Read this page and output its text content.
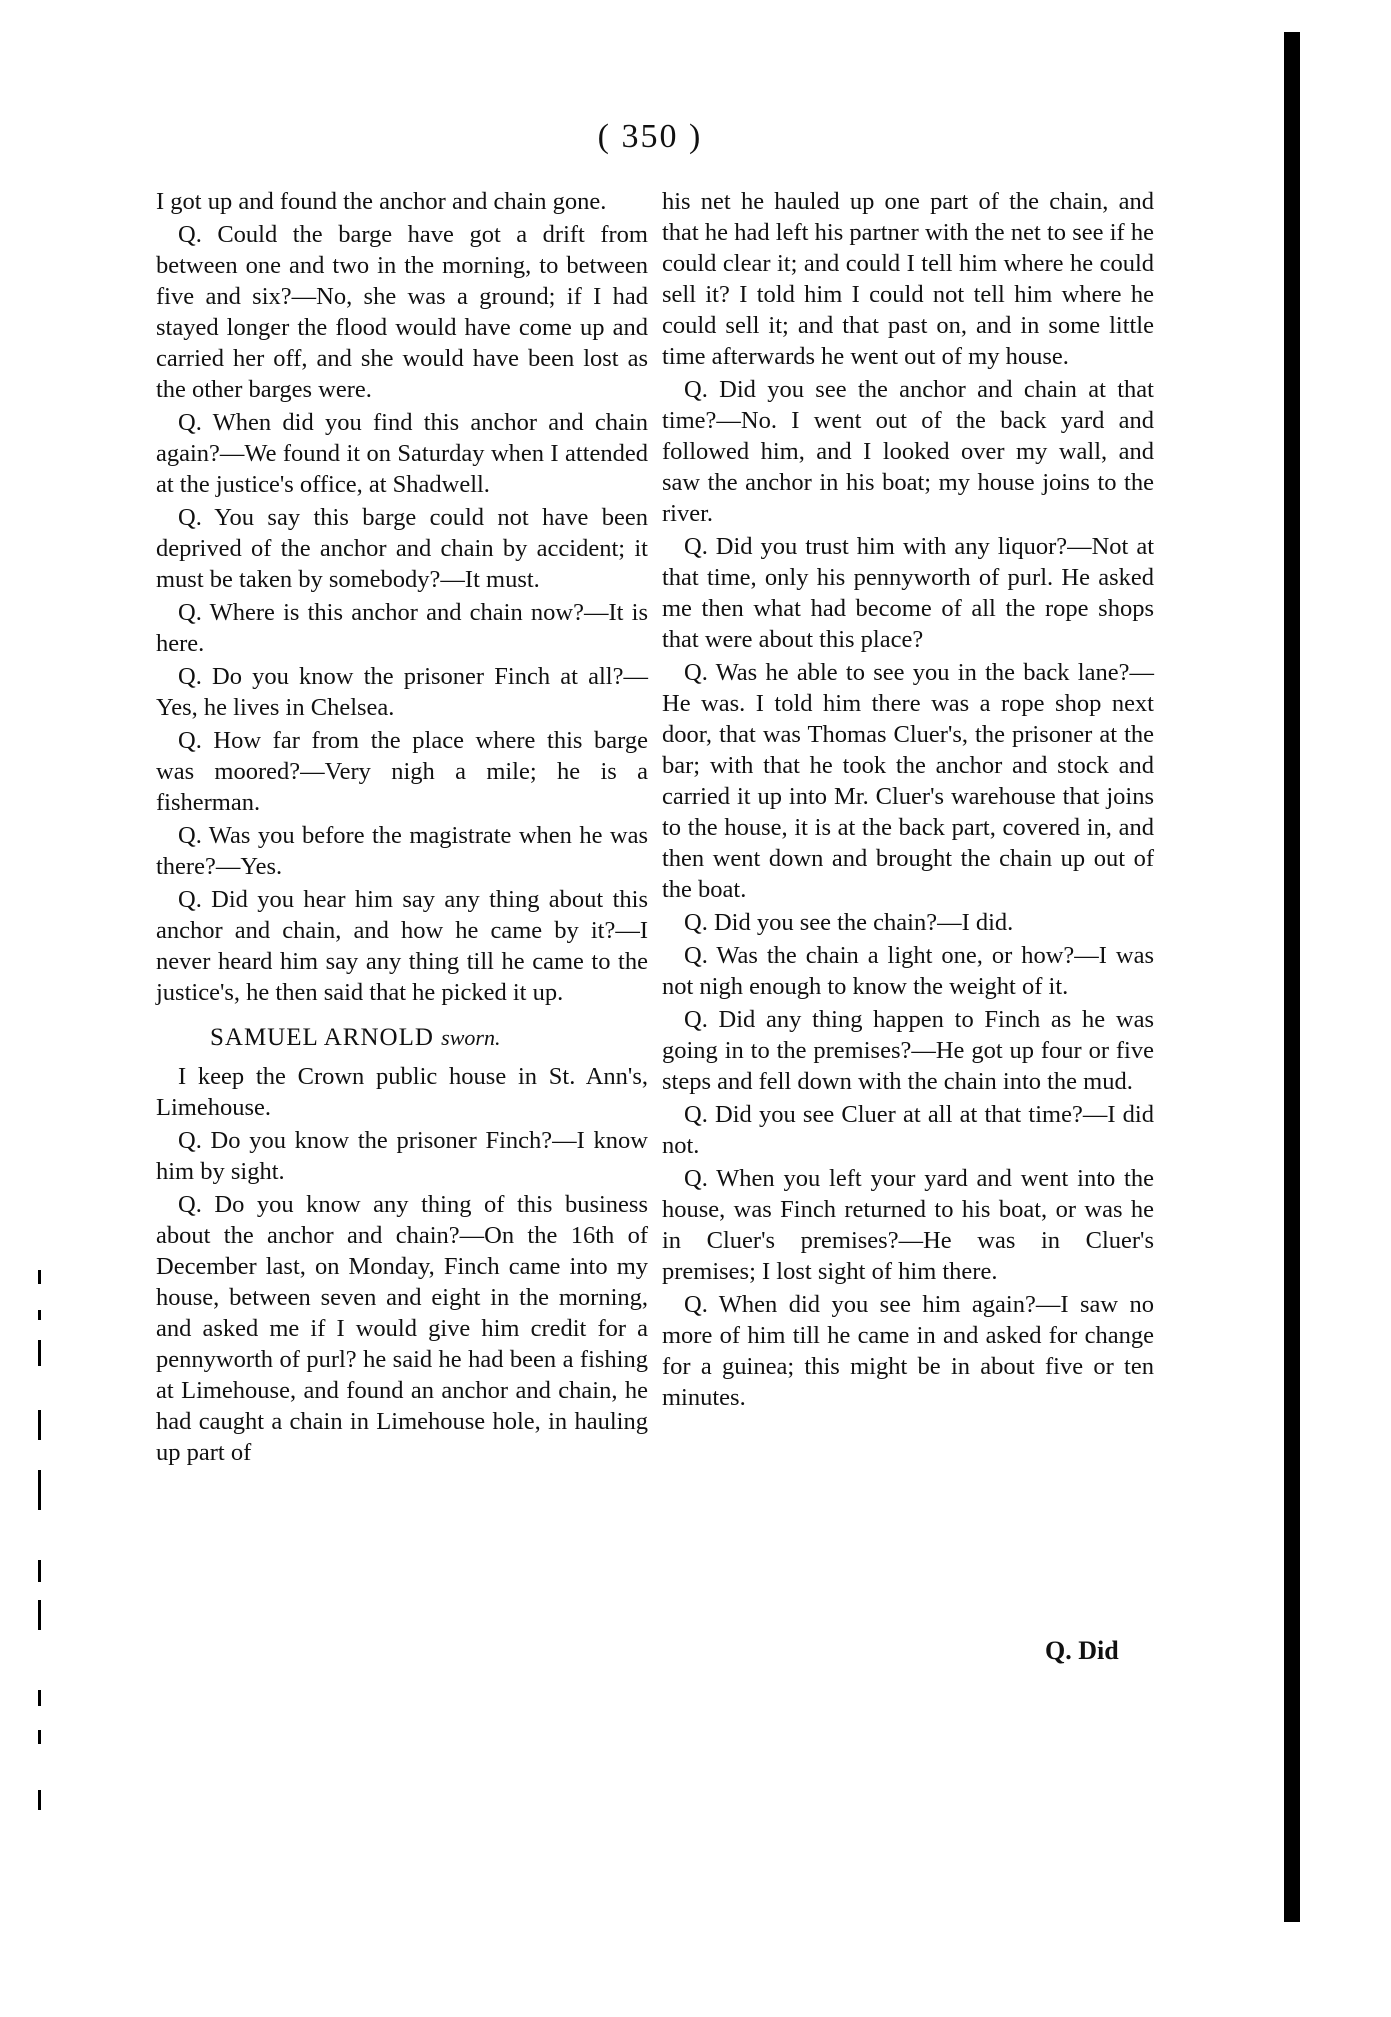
( 350 )

I got up and found the anchor and chain gone.

Q. Could the barge have got a drift from between one and two in the morning, to between five and six?—No, she was a ground; if I had stayed longer the flood would have come up and carried her off, and she would have been lost as the other barges were.

Q. When did you find this anchor and chain again?—We found it on Saturday when I attended at the justice's office, at Shadwell.

Q. You say this barge could not have been deprived of the anchor and chain by accident; it must be taken by somebody?—It must.

Q. Where is this anchor and chain now?—It is here.

Q. Do you know the prisoner Finch at all?—Yes, he lives in Chelsea.

Q. How far from the place where this barge was moored?—Very nigh a mile; he is a fisherman.

Q. Was you before the magistrate when he was there?—Yes.

Q. Did you hear him say any thing about this anchor and chain, and how he came by it?—I never heard him say any thing till he came to the justice's, he then said that he picked it up.

SAMUEL ARNOLD sworn.

I keep the Crown public house in St. Ann's, Limehouse.

Q. Do you know the prisoner Finch?—I know him by sight.

Q. Do you know any thing of this business about the anchor and chain?—On the 16th of December last, on Monday, Finch came into my house, between seven and eight in the morning, and asked me if I would give him credit for a pennyworth of purl? he said he had been a fishing at Limehouse, and found an anchor and chain, he had caught a chain in Limehouse hole, in hauling up part of

his net he hauled up one part of the chain, and that he had left his partner with the net to see if he could clear it; and could I tell him where he could sell it? I told him I could not tell him where he could sell it; and that past on, and in some little time afterwards he went out of my house.

Q. Did you see the anchor and chain at that time?—No. I went out of the back yard and followed him, and I looked over my wall, and saw the anchor in his boat; my house joins to the river.

Q. Did you trust him with any liquor?—Not at that time, only his pennyworth of purl. He asked me then what had become of all the rope shops that were about this place?

Q. Was he able to see you in the back lane?—He was. I told him there was a rope shop next door, that was Thomas Cluer's, the prisoner at the bar; with that he took the anchor and stock and carried it up into Mr. Cluer's warehouse that joins to the house, it is at the back part, covered in, and then went down and brought the chain up out of the boat.

Q. Did you see the chain?—I did.

Q. Was the chain a light one, or how?—I was not nigh enough to know the weight of it.

Q. Did any thing happen to Finch as he was going in to the premises?—He got up four or five steps and fell down with the chain into the mud.

Q. Did you see Cluer at all at that time?—I did not.

Q. When you left your yard and went into the house, was Finch returned to his boat, or was he in Cluer's premises?—He was in Cluer's premises; I lost sight of him there.

Q. When did you see him again?—I saw no more of him till he came in and asked for change for a guinea; this might be in about five or ten minutes.

Q. Did
